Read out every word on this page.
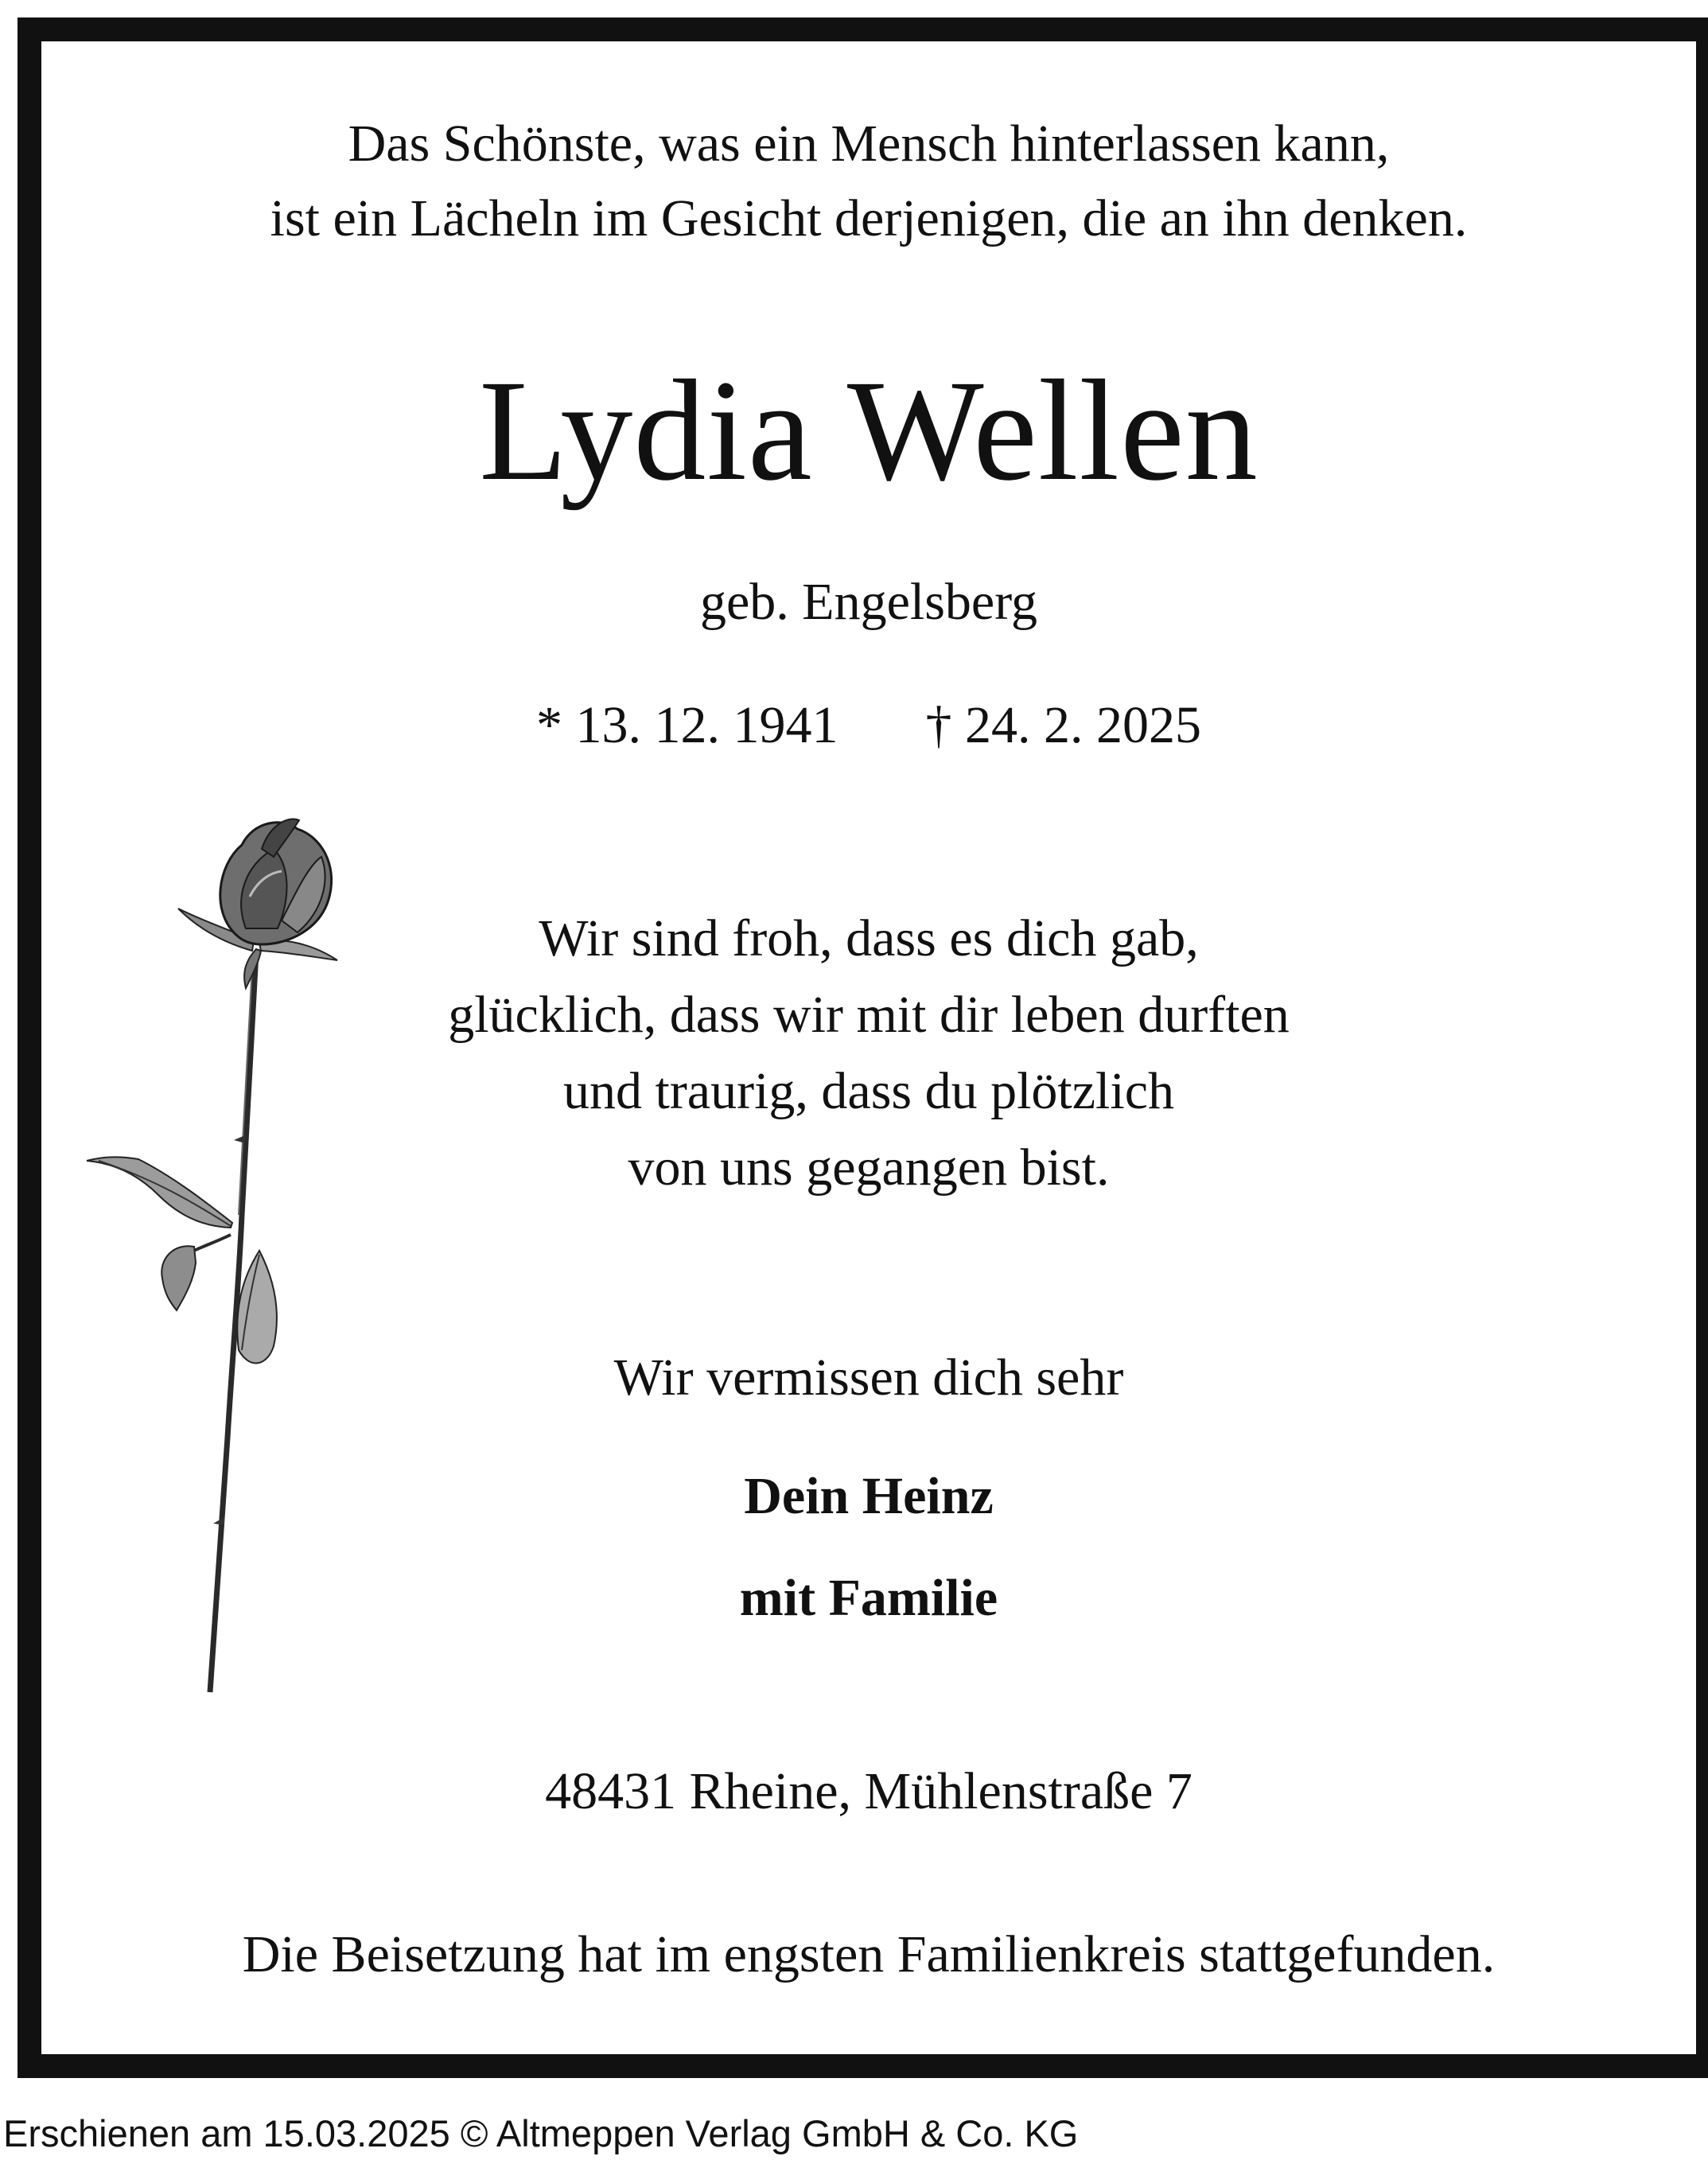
Das Schönste, was ein Mensch hinterlassen kann,
ist ein Lächeln im Gesicht derjenigen, die an ihn denken.
Lydia Wellen
geb. Engelsberg
* 13. 12. 1941 † 24. 2. 2025
Wir sind froh, dass es dich gab,
glücklich, dass wir mit dir leben durften
und traurig, dass du plötzlich
von uns gegangen bist.
Wir vermissen dich sehr
Dein Heinz
mit Familie
48431 Rheine, Mühlenstraße 7
Die Beisetzung hat im engsten Familienkreis stattgefunden.
Erschienen am 15.03.2025 © Altmeppen Verlag GmbH & Co. KG
